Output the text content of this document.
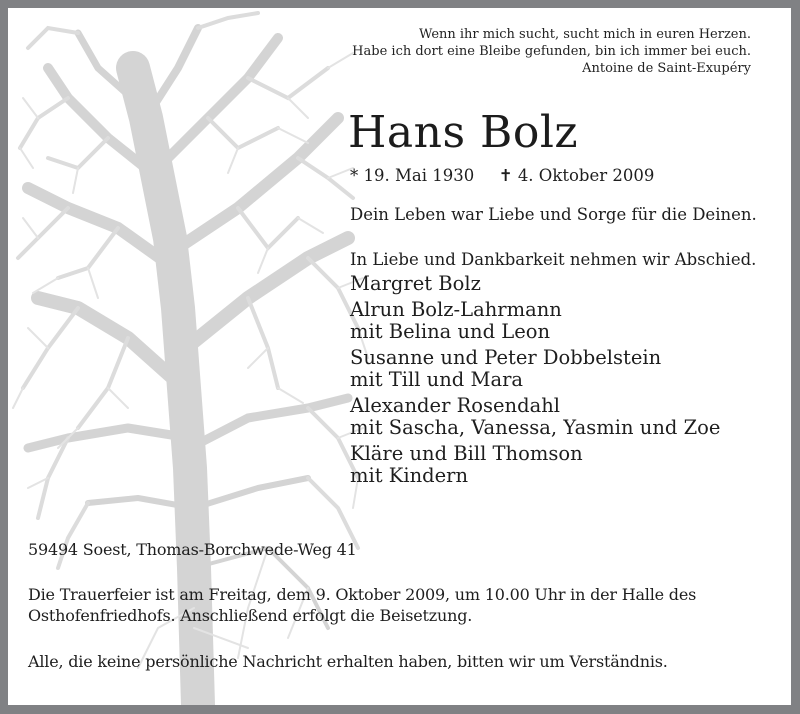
Wenn ihr mich sucht, sucht mich in euren Herzen.
Habe ich dort eine Bleibe gefunden, bin ich immer bei euch.
Antoine de Saint-Exupéry
Hans Bolz
* 19. Mai 1930 ✝ 4. Oktober 2009
Dein Leben war Liebe und Sorge für die Deinen.
In Liebe und Dankbarkeit nehmen wir Abschied.
Margret Bolz
Alrun Bolz-Lahrmann
mit Belina und Leon
Susanne und Peter Dobbelstein
mit Till und Mara
Alexander Rosendahl
mit Sascha, Vanessa, Yasmin und Zoe
Kläre und Bill Thomson
mit Kindern
59494 Soest, Thomas-Borchwede-Weg 41
Die Trauerfeier ist am Freitag, dem 9. Oktober 2009, um 10.00 Uhr in der Halle des Osthofenfriedhofs. Anschließend erfolgt die Beisetzung.
Alle, die keine persönliche Nachricht erhalten haben, bitten wir um Verständnis.
